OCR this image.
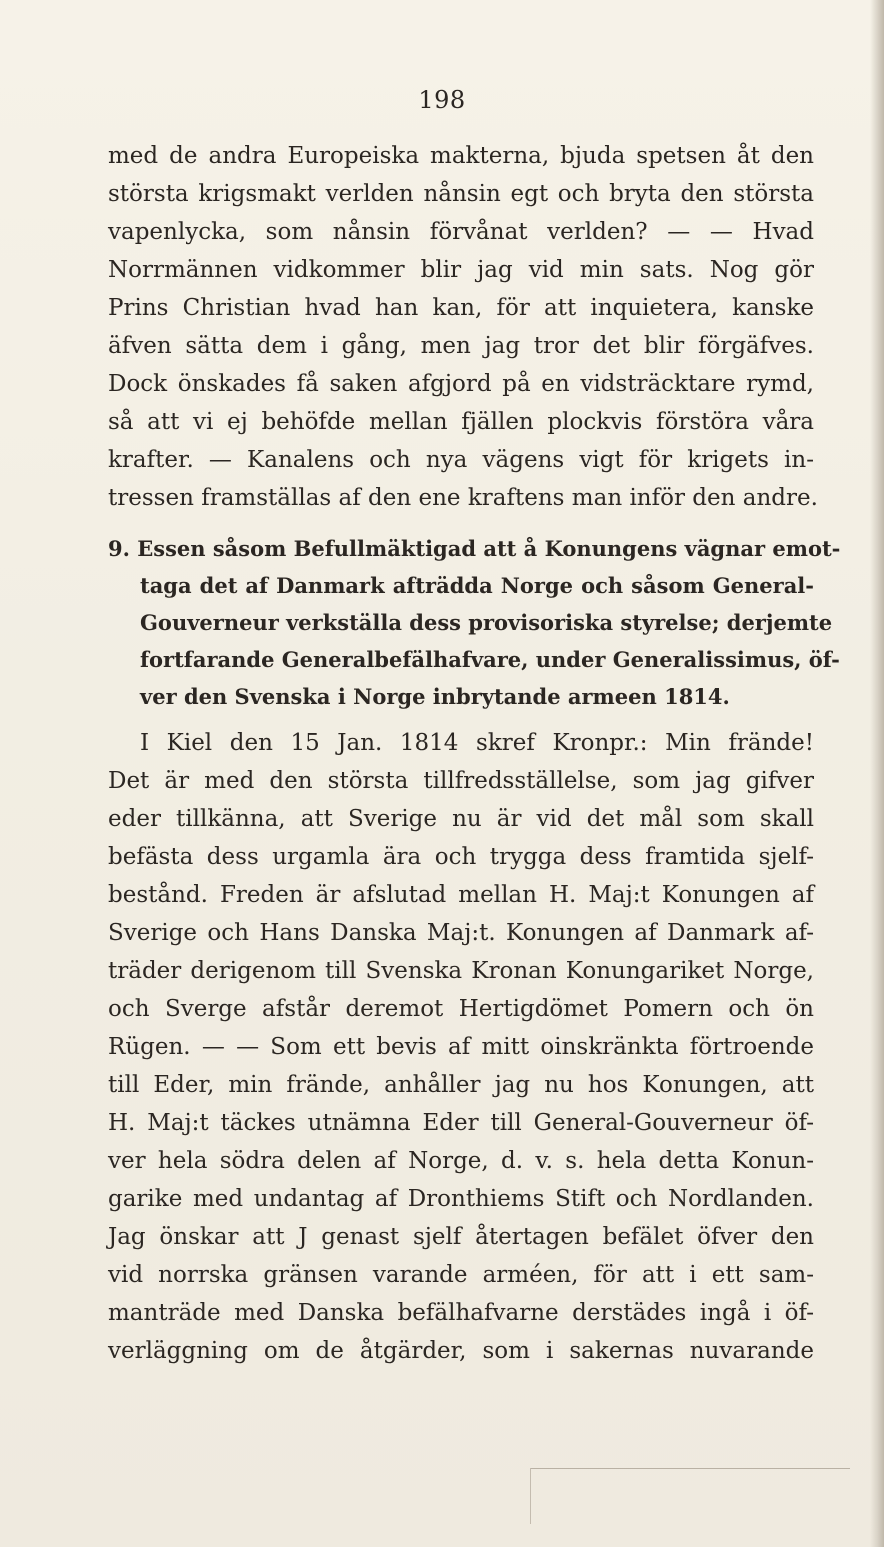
198
med de andra Europeiska makterna, bjuda spetsen åt den
största krigsmakt verlden nånsin egt och bryta den största
vapenlycka, som nånsin förvånat verlden? — — Hvad
Norrmännen vidkommer blir jag vid min sats. Nog gör
Prins Christian hvad han kan, för att inquietera, kanske
äfven sätta dem i gång, men jag tror det blir förgäfves.
Dock önskades få saken afgjord på en vidsträcktare rymd,
så att vi ej behöfde mellan fjällen plockvis förstöra våra
krafter. — Kanalens och nya vägens vigt för krigets in-
tressen framställas af den ene kraftens man inför den andre.
9. Essen såsom Befullmäktigad att å Konungens vägnar emot-
taga det af Danmark afträdda Norge och såsom General-
Gouverneur verkställa dess provisoriska styrelse; derjemte
fortfarande Generalbefälhafvare, under Generalissimus, öf-
ver den Svenska i Norge inbrytande armeen 1814.
I Kiel den 15 Jan. 1814 skref Kronpr.: Min frände!
Det är med den största tillfredsställelse, som jag gifver
eder tillkänna, att Sverige nu är vid det mål som skall
befästa dess urgamla ära och trygga dess framtida sjelf-
bestånd. Freden är afslutad mellan H. Maj:t Konungen af
Sverige och Hans Danska Maj:t. Konungen af Danmark af-
träder derigenom till Svenska Kronan Konungariket Norge,
och Sverge afstår deremot Hertigdömet Pomern och ön
Rügen. — — Som ett bevis af mitt oinskränkta förtroende
till Eder, min frände, anhåller jag nu hos Konungen, att
H. Maj:t täckes utnämna Eder till General-Gouverneur öf-
ver hela södra delen af Norge, d. v. s. hela detta Konun-
garike med undantag af Dronthiems Stift och Nordlanden.
Jag önskar att J genast sjelf återtagen befälet öfver den
vid norrska gränsen varande arméen, för att i ett sam-
manträde med Danska befälhafvarne derstädes ingå i öf-
verläggning om de åtgärder, som i sakernas nuvarande
